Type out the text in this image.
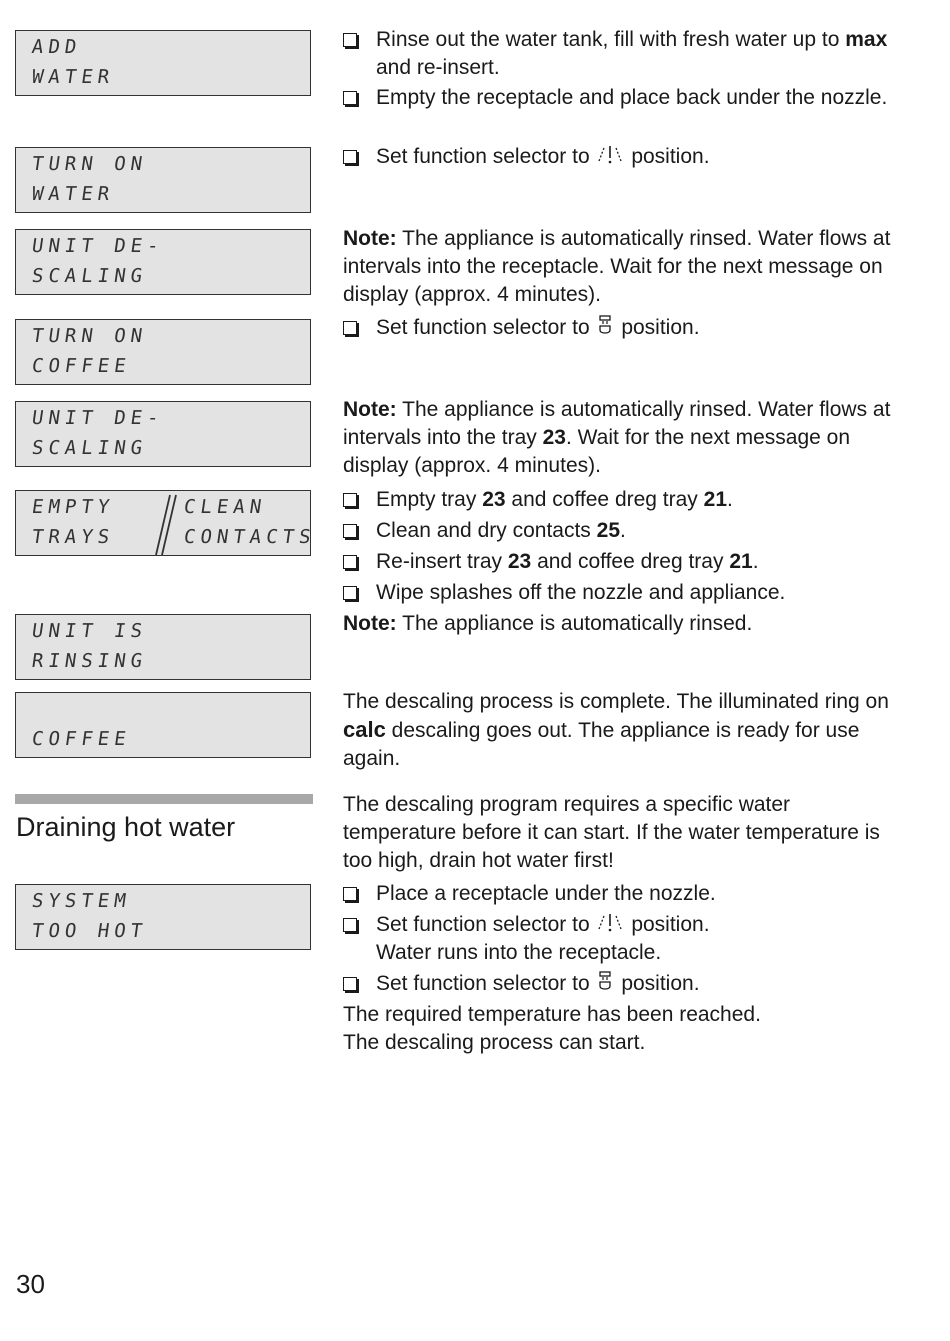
ADD
WATER
TURN ON
WATER
UNIT DE-
SCALING
TURN ON
COFFEE
UNIT DE-
SCALING
EMPTY
TRAYS
CLEAN
CONTACTS
UNIT IS
RINSING
COFFEE
Draining hot water
SYSTEM
TOO HOT
Rinse out the water tank, fill with fresh water up to max and re-insert.
Empty the receptacle and place back under the nozzle.
Set function selector to position.
Note: The appliance is automatically rinsed. Water flows at intervals into the receptacle. Wait for the next message on display (approx. 4 minutes).
Set function selector to position.
Note: The appliance is automatically rinsed. Water flows at intervals into the tray 23. Wait for the next message on display (approx. 4 minutes).
Empty tray 23 and coffee dreg tray 21.
Clean and dry contacts 25.
Re-insert tray 23 and coffee dreg tray 21.
Wipe splashes off the nozzle and appliance.
Note: The appliance is automatically rinsed.
The descaling process is complete. The illuminated ring on calc descaling goes out. The appliance is ready for use again.
The descaling program requires a specific water temperature before it can start. If the water temperature is too high, drain hot water first!
Place a receptacle under the nozzle.
Set function selector to position.
Water runs into the receptacle.
Set function selector to position.
The required temperature has been reached.
The descaling process can start.
30
